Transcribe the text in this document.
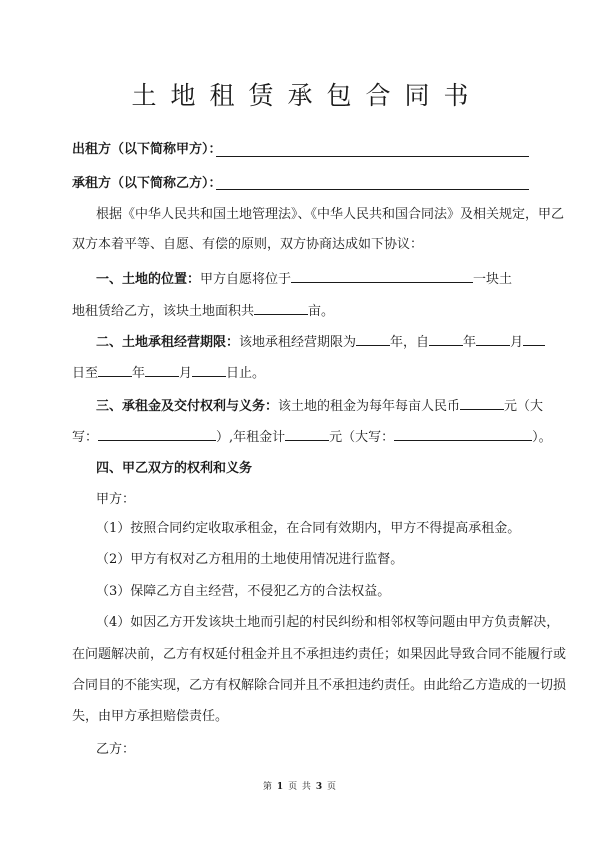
土地租赁承包合同书
出租方（以下简称甲方）：
承租方（以下简称乙方）：
根据《中华人民共和国土地管理法》、《中华人民共和国合同法》及相关规定，甲乙
双方本着平等、自愿、有偿的原则，双方协商达成如下协议：
一、土地的位置：甲方自愿将位于	一块土
地租赁给乙方，该块土地面积共	亩。
二、土地承租经营期限：该地承租经营期限为	年，自	年	月
日至	年	月	日止。
三、承租金及交付权利与义务：该土地的租金为每年每亩人民币	元（大
写：	）,年租金计	元（大写：	）。
四、甲乙双方的权利和义务
甲方：
（1）按照合同约定收取承租金，在合同有效期内，甲方不得提高承租金。
（2）甲方有权对乙方租用的土地使用情况进行监督。
（3）保障乙方自主经营，不侵犯乙方的合法权益。
（4）如因乙方开发该块土地而引起的村民纠纷和相邻权等问题由甲方负责解决，
在问题解决前，乙方有权延付租金并且不承担违约责任；如果因此导致合同不能履行或
合同目的不能实现，乙方有权解除合同并且不承担违约责任。由此给乙方造成的一切损
失，由甲方承担赔偿责任。
乙方：
第 1 页 共 3 页
